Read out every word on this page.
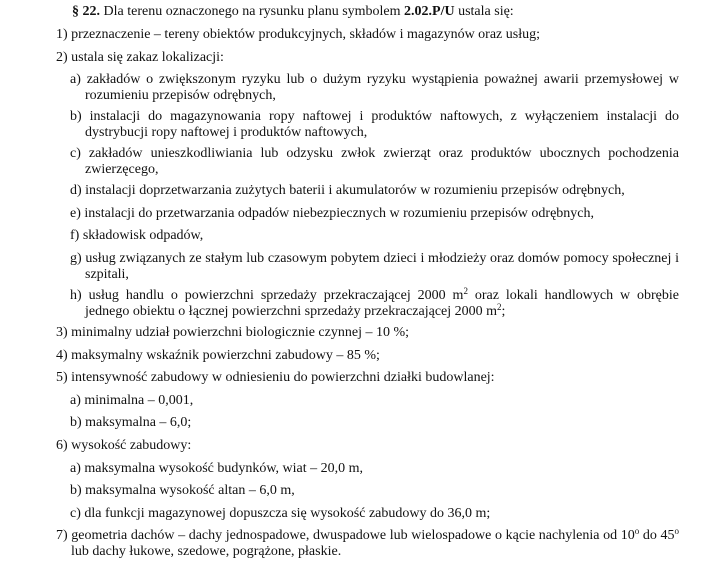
§ 22. Dla terenu oznaczonego na rysunku planu symbolem 2.02.P/U ustala się:
1) przeznaczenie – tereny obiektów produkcyjnych, składów i magazynów oraz usług;
2) ustala się zakaz lokalizacji:
a) zakładów o zwiększonym ryzyku lub o dużym ryzyku wystąpienia poważnej awarii przemysłowej w rozumieniu przepisów odrębnych,
b) instalacji do magazynowania ropy naftowej i produktów naftowych, z wyłączeniem instalacji do dystrybucji ropy naftowej i produktów naftowych,
c) zakładów unieszkodliwiania lub odzysku zwłok zwierząt oraz produktów ubocznych pochodzenia zwierzęcego,
d) instalacji doprzetwarzania zużytych baterii i akumulatorów w rozumieniu przepisów odrębnych,
e) instalacji do przetwarzania odpadów niebezpiecznych w rozumieniu przepisów odrębnych,
f) składowisk odpadów,
g) usług związanych ze stałym lub czasowym pobytem dzieci i młodzieży oraz domów pomocy społecznej i szpitali,
h) usług handlu o powierzchni sprzedaży przekraczającej 2000 $m^2$ oraz lokali handlowych w obrębie jednego obiektu o łącznej powierzchni sprzedaży przekraczającej 2000 $m^2$;
3) minimalny udział powierzchni biologicznie czynnej – 10 %;
4) maksymalny wskaźnik powierzchni zabudowy – 85 %;
5) intensywność zabudowy w odniesieniu do powierzchni działki budowlanej:
a) minimalna – 0,001,
b) maksymalna – 6,0;
6) wysokość zabudowy:
a) maksymalna wysokość budynków, wiat – 20,0 m,
b) maksymalna wysokość altan – 6,0 m,
c) dla funkcji magazynowej dopuszcza się wysokość zabudowy do 36,0 m;
7) geometria dachów – dachy jednospadowe, dwuspadowe lub wielospadowe o kącie nachylenia od 10$^o$ do 45$^o$ lub dachy łukowe, szedowe, pogrążone, płaskie.
